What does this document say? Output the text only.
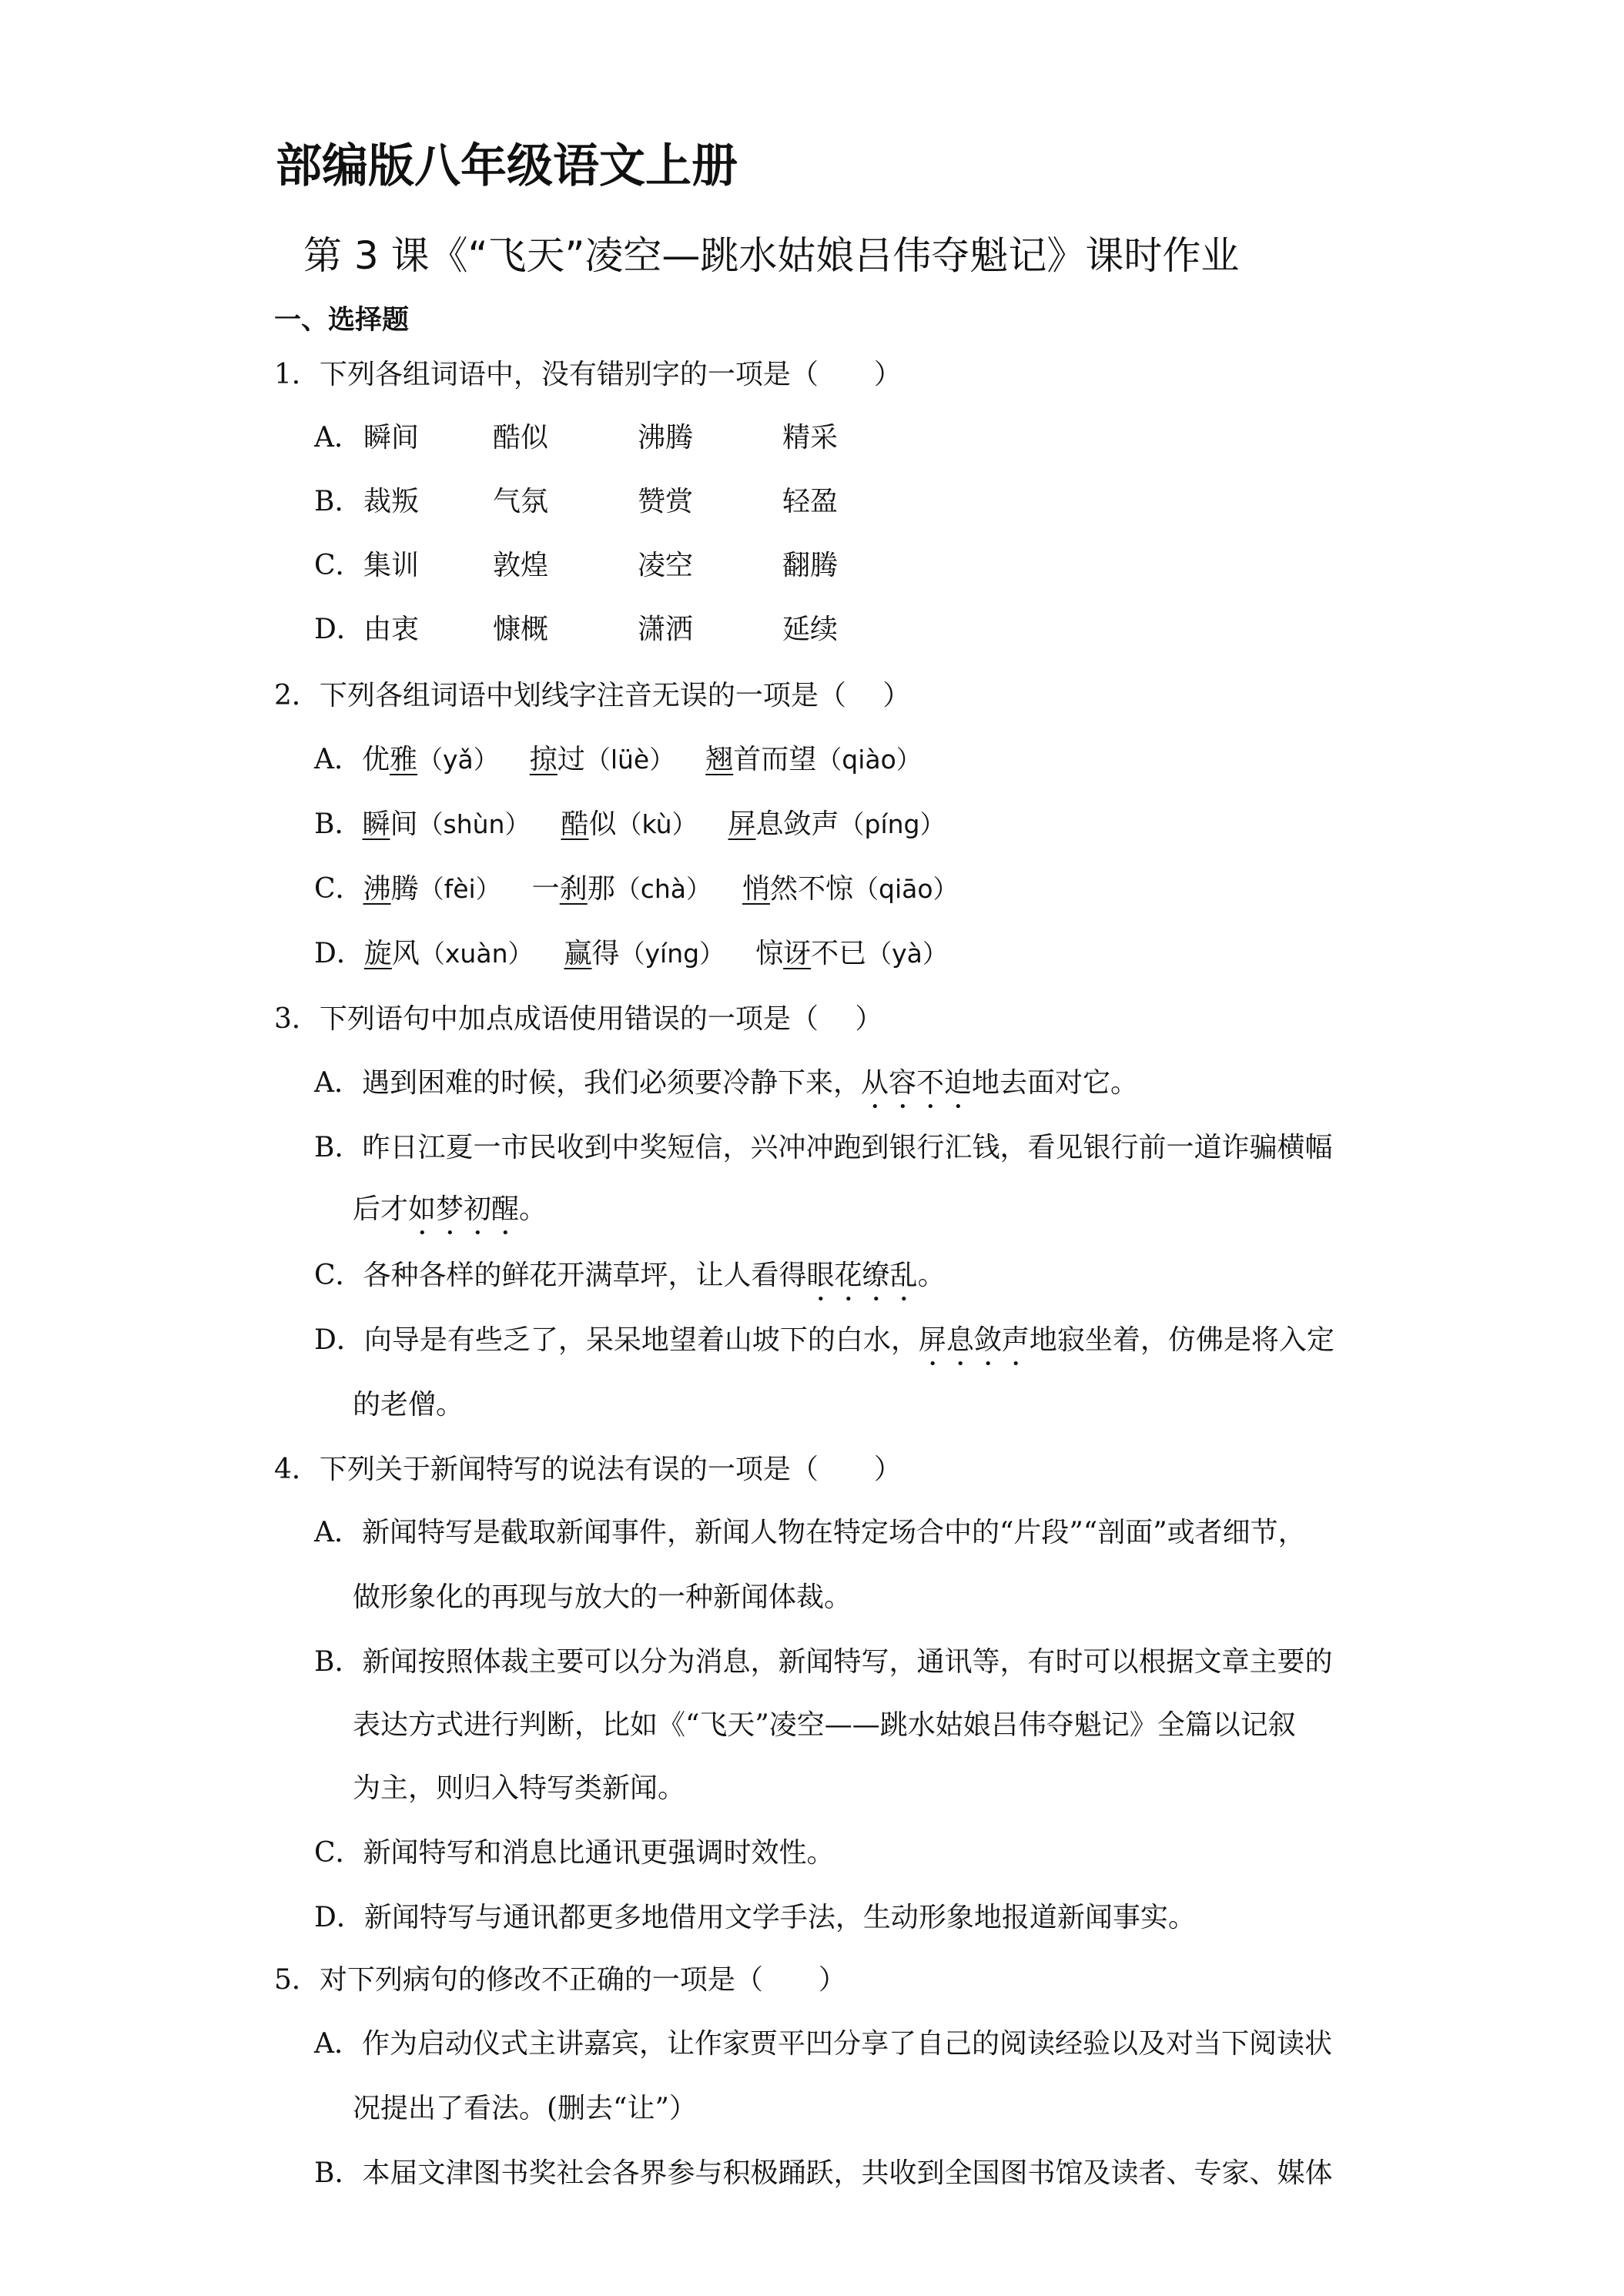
部编版八年级语文上册
第 3 课《“飞天”凌空—跳水姑娘吕伟夺魁记》课时作业
一、选择题
1．下列各组词语中，没有错别字的一项是（　　）
A． 瞬间	酷似	沸腾	精采
B． 裁叛	气氛	赞赏	轻盈
C． 集训	敦煌	凌空	翻腾
D． 由衷	慷概	潇洒	延续
2．下列各组词语中划线字注音无误的一项是（　 ）
A． 优雅（yǎ） 掠过（lüè） 翘首而望（qiào）
B． 瞬间（shùn） 酷似（kù） 屏息敛声（píng）
C． 沸腾（fèi） 一刹那（chà） 悄然不惊（qiāo）
D． 旋风（xuàn） 赢得（yíng） 惊讶不已（yà）
3．下列语句中加点成语使用错误的一项是（　 ）
A．遇到困难的时候，我们必须要冷静下来，从容不迫地去面对它。
B．昨日江夏一市民收到中奖短信，兴冲冲跑到银行汇钱，看见银行前一道诈骗横幅
后才如梦初醒。
C．各种各样的鲜花开满草坪，让人看得眼花缭乱。
D．向导是有些乏了，呆呆地望着山坡下的白水，屏息敛声地寂坐着，仿佛是将入定
的老僧。
4．下列关于新闻特写的说法有误的一项是（　　）
A．新闻特写是截取新闻事件，新闻人物在特定场合中的“片段”“剖面”或者细节，
做形象化的再现与放大的一种新闻体裁。
B．新闻按照体裁主要可以分为消息，新闻特写，通讯等，有时可以根据文章主要的
表达方式进行判断，比如《“飞天”凌空——跳水姑娘吕伟夺魁记》全篇以记叙
为主，则归入特写类新闻。
C．新闻特写和消息比通讯更强调时效性。
D．新闻特写与通讯都更多地借用文学手法，生动形象地报道新闻事实。
5．对下列病句的修改不正确的一项是（　　）
A．作为启动仪式主讲嘉宾，让作家贾平凹分享了自己的阅读经验以及对当下阅读状
况提出了看法。(删去“让”）
B．本届文津图书奖社会各界参与积极踊跃，共收到全国图书馆及读者、专家、媒体
